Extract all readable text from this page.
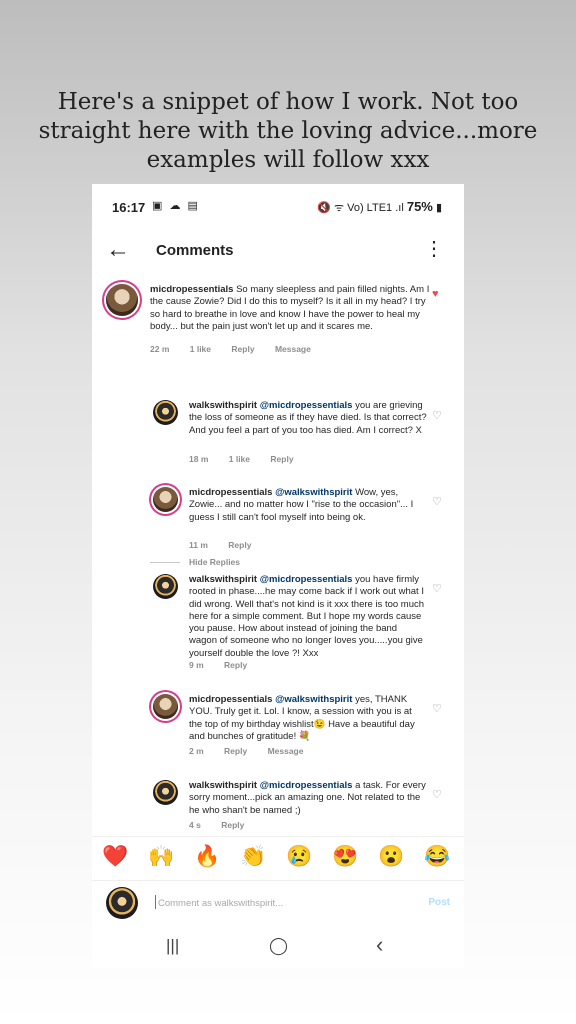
Here's a snippet of how I work. Not too
straight here with the loving advice...more
examples will follow xxx
16:17 ▣ ☁ ▤	🔇 ᯤ Vo) LTE1 .ıl 75% ▮
← Comments	⋮
micdropessentials So many sleepless and pain filled nights. Am I the cause Zowie? Did I do this to myself? Is it all in my head? I try so hard to breathe in love and know I have the power to heal my body... but the pain just won't let up and it scares me.
22 m 1 like Reply Message
♥
Hide Replies
walkswithspirit @micdropessentials you are grieving the loss of someone as if they have died. Is that correct? And you feel a part of you too has died. Am I correct? X
18 m 1 like Reply
♡
micdropessentials @walkswithspirit Wow, yes, Zowie... and no matter how I "rise to the occasion"... I guess I still can't fool myself into being ok.
11 m Reply
♡
walkswithspirit @micdropessentials you have firmly rooted in phase....he may come back if I work out what I did wrong. Well that's not kind is it xxx there is too much here for a simple comment. But I hope my words cause you pause. How about instead of joining the band wagon of someone who no longer loves you.....you give yourself double the love ?! Xxx
9 m Reply
♡
micdropessentials @walkswithspirit yes, THANK YOU. Truly get it. Lol. I know, a session with you is at the top of my birthday wishlist😉 Have a beautiful day and bunches of gratitude! 💐
2 m Reply Message
♡
walkswithspirit @micdropessentials a task. For every sorry moment...pick an amazing one. Not related to the he who shan't be named ;)
4 s Reply
♡
❤️ 🙌 🔥 👏 😢 😍 😮 😂
Comment as walkswithspirit...
Post
|||	◯	‹
